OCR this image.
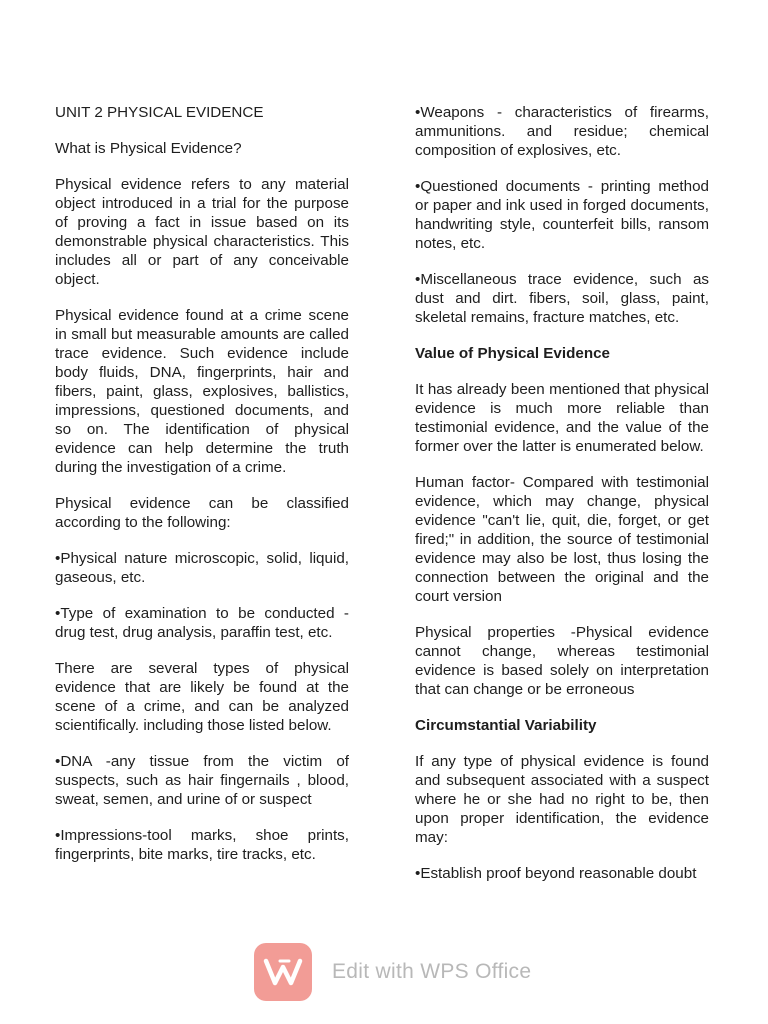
UNIT 2 PHYSICAL EVIDENCE

What is Physical Evidence?

Physical evidence refers to any material object introduced in a trial for the purpose of proving a fact in issue based on its demonstrable physical characteristics. This includes all or part of any conceivable object.

Physical evidence found at a crime scene in small but measurable amounts are called trace evidence. Such evidence include body fluids, DNA, fingerprints, hair and fibers, paint, glass, explosives, ballistics, impressions, questioned documents, and so on. The identification of physical evidence can help determine the truth during the investigation of a crime.

Physical evidence can be classified according to the following:

•Physical nature microscopic, solid, liquid, gaseous, etc.

•Type of examination to be conducted - drug test, drug analysis, paraffin test, etc.

There are several types of physical evidence that are likely be found at the scene of a crime, and can be analyzed scientifically. including those listed below.

•DNA -any tissue from the victim of suspects, such as hair fingernails , blood, sweat, semen, and urine of or suspect

•Impressions-tool marks, shoe prints, fingerprints, bite marks, tire tracks, etc.

•Weapons - characteristics of firearms, ammunitions. and residue; chemical composition of explosives, etc.

•Questioned documents - printing method or paper and ink used in forged documents, handwriting style, counterfeit bills, ransom notes, etc.

•Miscellaneous trace evidence, such as dust and dirt. fibers, soil, glass, paint, skeletal remains, fracture matches, etc.

Value of Physical Evidence

It has already been mentioned that physical evidence is much more reliable than testimonial evidence, and the value of the former over the latter is enumerated below.

Human factor- Compared with testimonial evidence, which may change, physical evidence "can't lie, quit, die, forget, or get fired;" in addition, the source of testimonial evidence may also be lost, thus losing the connection between the original and the court version

Physical properties -Physical evidence cannot change, whereas testimonial evidence is based solely on interpretation that can change or be erroneous

Circumstantial Variability

If any type of physical evidence is found and subsequent associated with a suspect where he or she had no right to be, then upon proper identification, the evidence may:

•Establish proof beyond reasonable doubt

Edit with WPS Office
